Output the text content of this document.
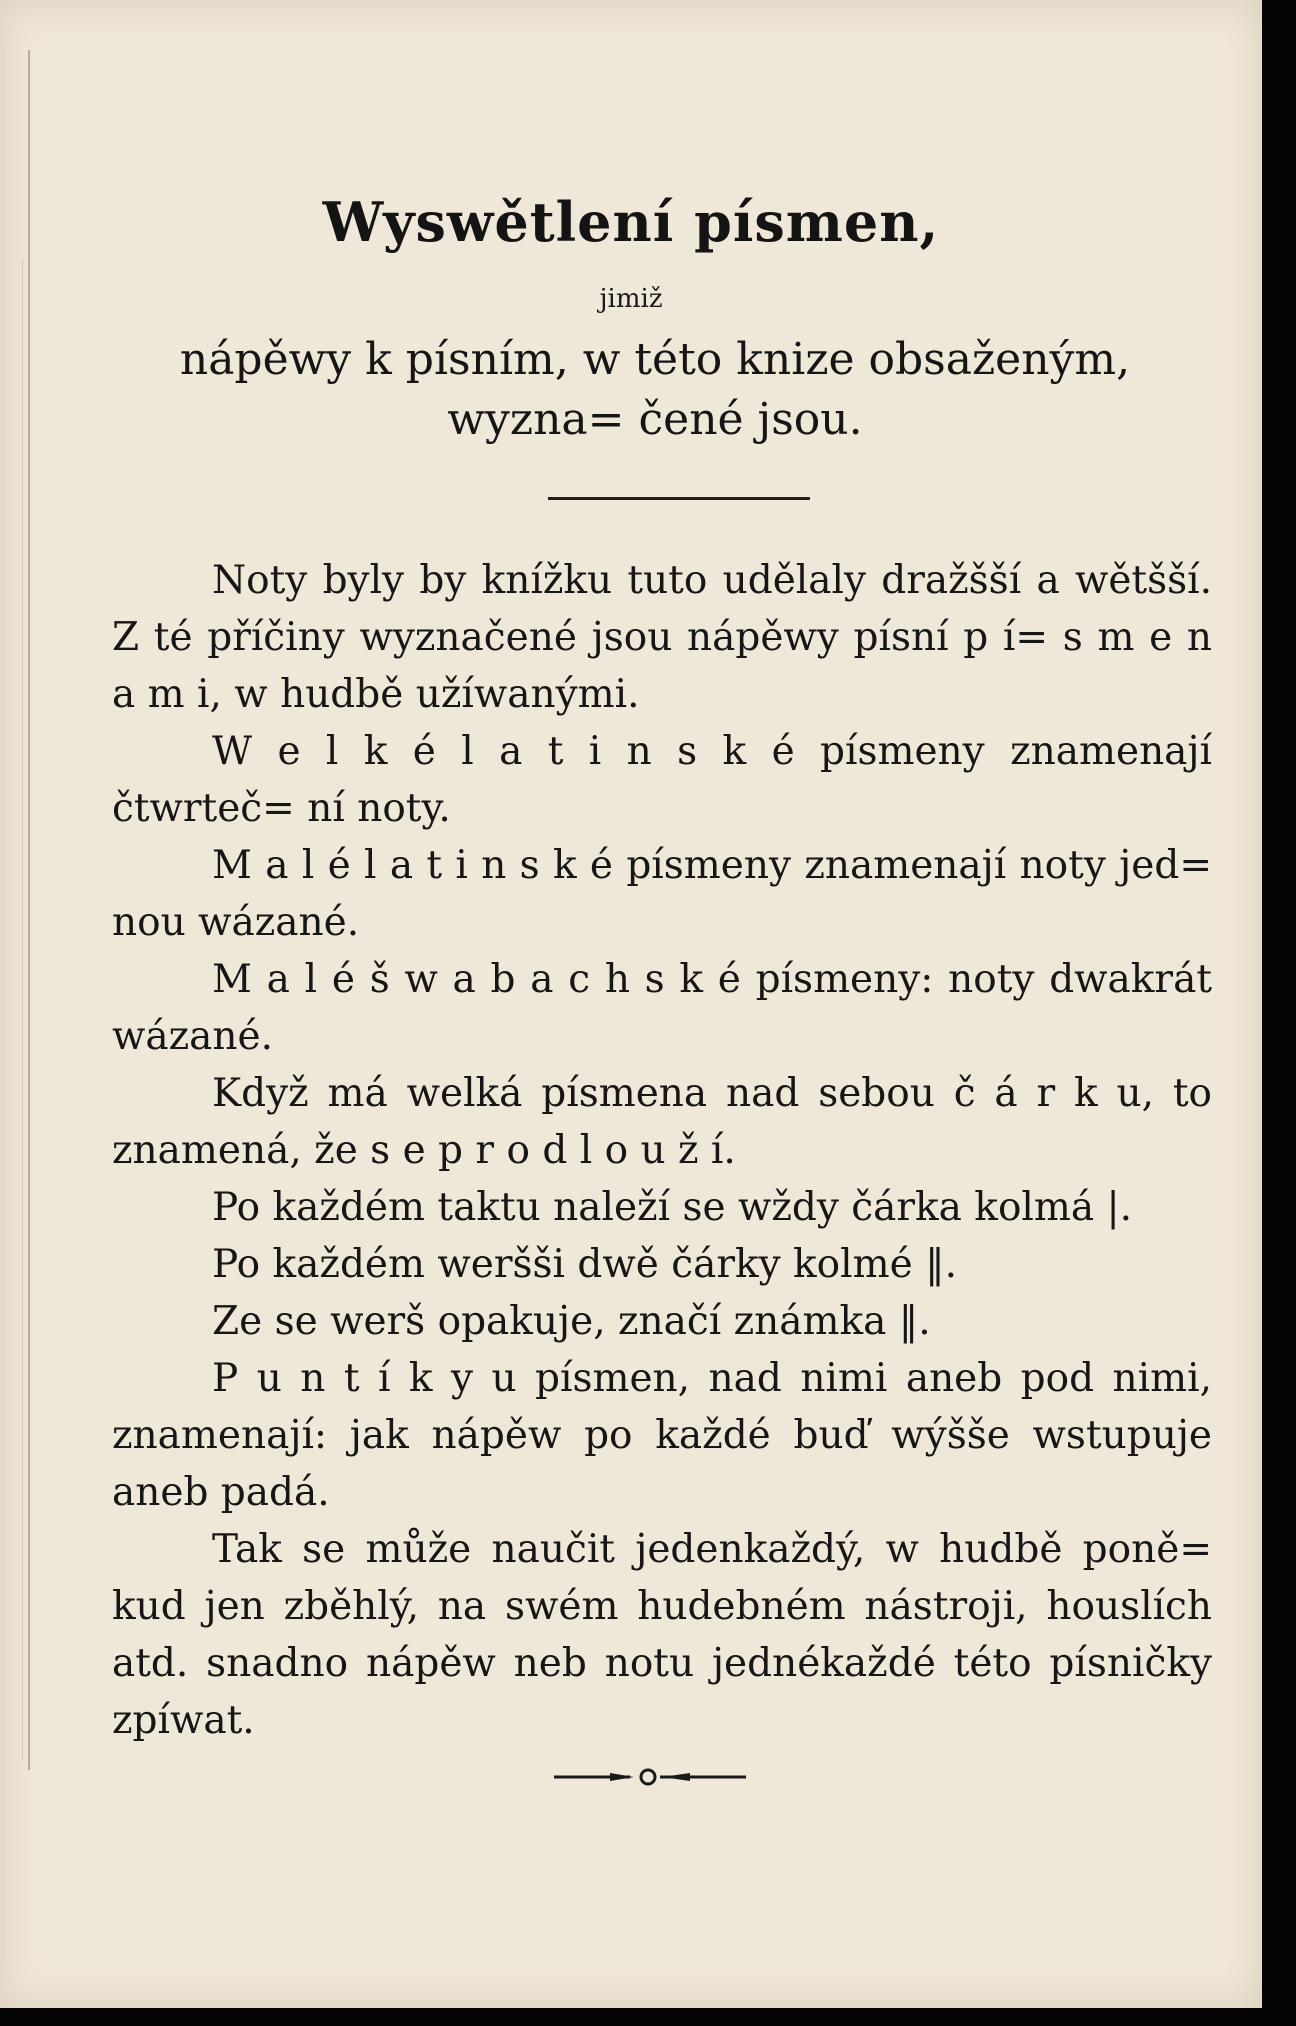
Wyswětlení písmen,
jimiž
nápěwy k písním, w této knize obsaženým, wyzna= čené jsou.

Noty byly by knížku tuto udělaly dražšší a wětšší. Z té příčiny wyznačené jsou nápěwy písní p í= s m e n a m i, w hudbě užíwanými.

W e l k é l a t i n s k é písmeny znamenají čtwrteč= ní noty.

M a l é l a t i n s k é písmeny znamenají noty jed= nou wázané.

M a l é š w a b a c h s k é písmeny: noty dwakrát wázané.

Když má welká písmena nad sebou č á r k u, to znamená, že s e p r o d l o u ž í.

Po každém taktu naleží se wždy čárka kolmá |.

Po každém weršši dwě čárky kolmé ‖.

Ze se werš opakuje, značí známka ‖.

P u n t í k y u písmen, nad nimi aneb pod nimi, znamenají: jak nápěw po každé buď wýšše wstupuje aneb padá.

Tak se může naučit jedenkaždý, w hudbě poně= kud jen zběhlý, na swém hudebném nástroji, houslích atd. snadno nápěw neb notu jednékaždé této písničky zpíwat.
